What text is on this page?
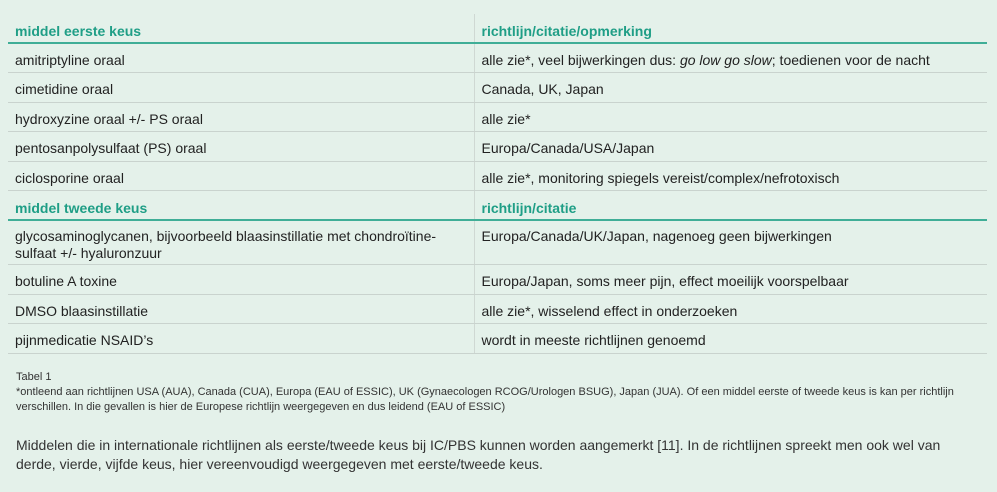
middel eerste keus	richtlijn/citatie/opmerking
amitriptyline oraal	alle zie*, veel bijwerkingen dus: go low go slow; toedienen voor de nacht
cimetidine oraal	Canada, UK, Japan
hydroxyzine oraal +/- PS oraal	alle zie*
pentosanpolysulfaat (PS) oraal	Europa/Canada/USA/Japan
ciclosporine oraal	alle zie*, monitoring spiegels vereist/complex/nefrotoxisch
middel tweede keus	richtlijn/citatie
glycosaminoglycanen, bijvoorbeeld blaasinstillatie met chondroïtine-sulfaat +/- hyaluronzuur	Europa/Canada/UK/Japan, nagenoeg geen bijwerkingen
botuline A toxine	Europa/Japan, soms meer pijn, effect moeilijk voorspelbaar
DMSO blaasinstillatie	alle zie*, wisselend effect in onderzoeken
pijnmedicatie NSAID’s	wordt in meeste richtlijnen genoemd
Tabel 1
*ontleend aan richtlijnen USA (AUA), Canada (CUA), Europa (EAU of ESSIC), UK (Gynaecologen RCOG/Urologen BSUG), Japan (JUA). Of een middel eerste of tweede keus is kan per richtlijn verschillen. In die gevallen is hier de Europese richtlijn weergegeven en dus leidend (EAU of ESSIC)
Middelen die in internationale richtlijnen als eerste/tweede keus bij IC/PBS kunnen worden aangemerkt [11]. In de richtlijnen spreekt men ook wel van derde, vierde, vijfde keus, hier vereenvoudigd weergegeven met eerste/tweede keus.
